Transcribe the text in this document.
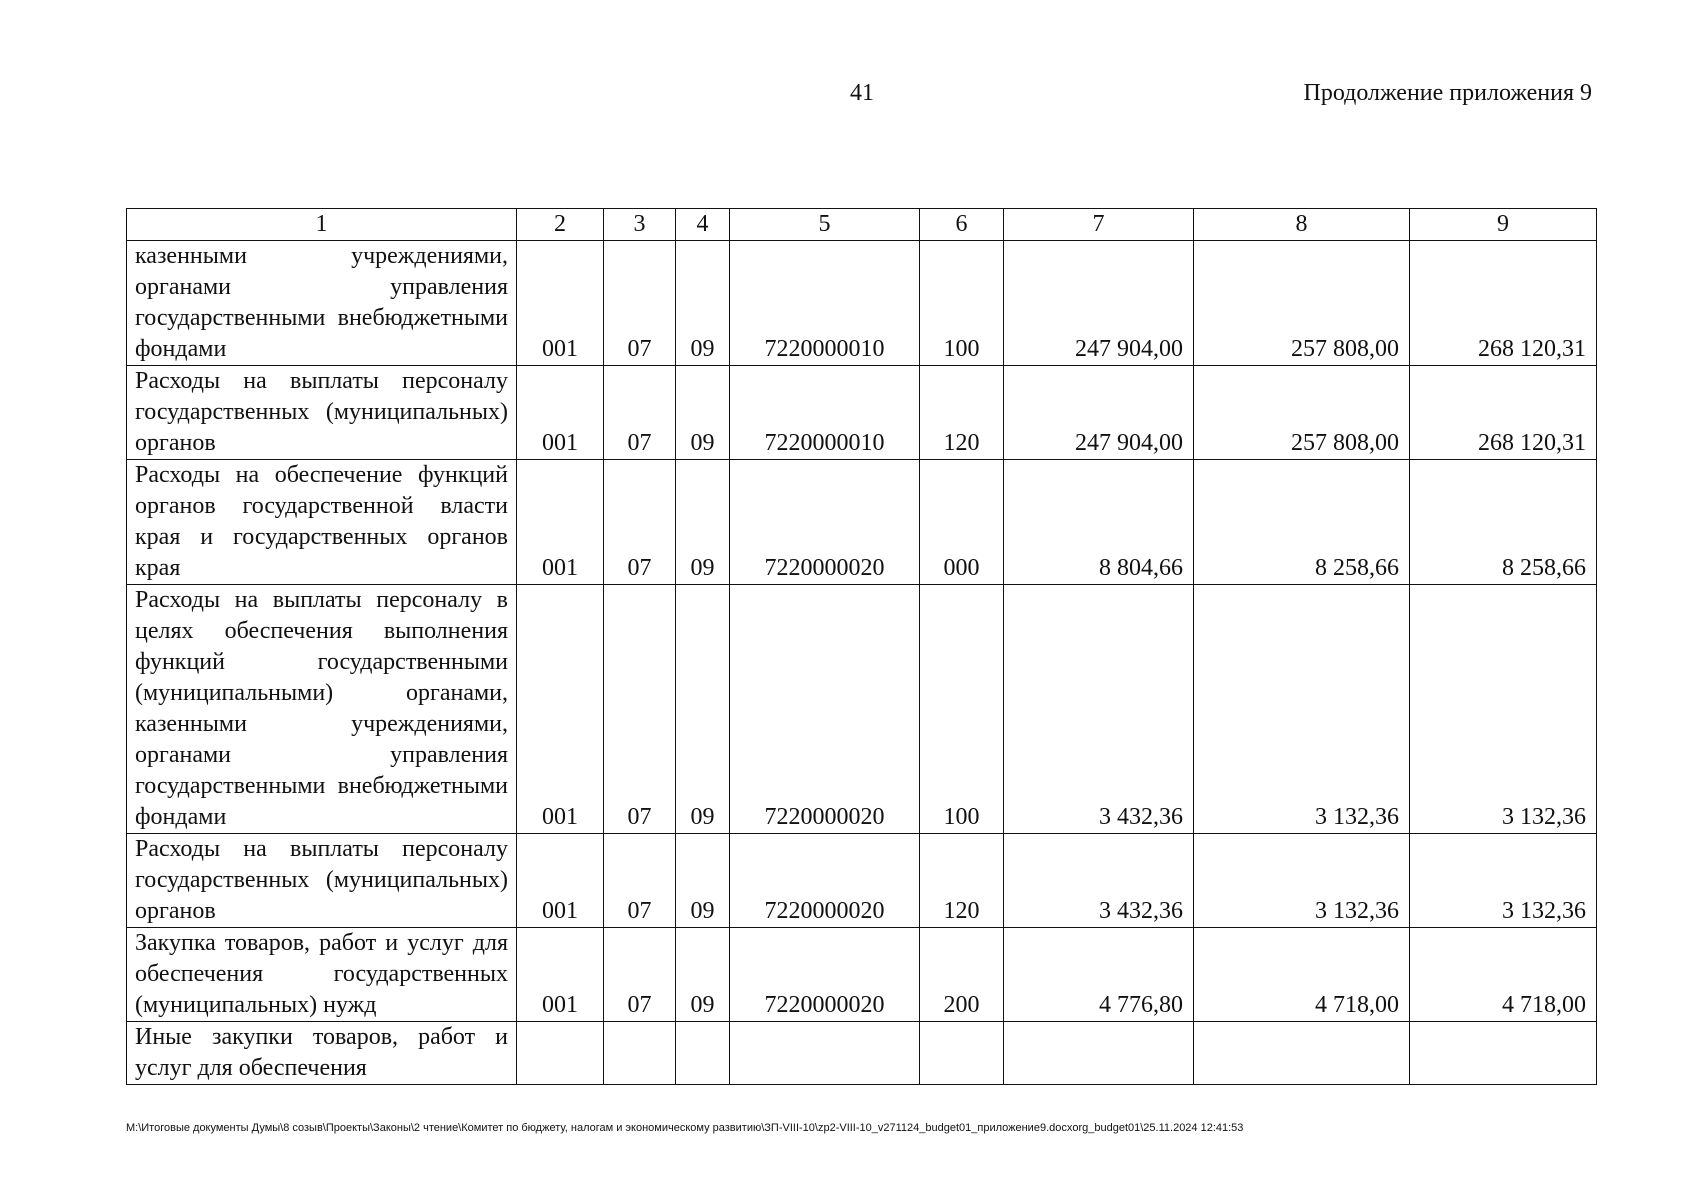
41	Продолжение приложения 9
1	2	3	4	5	6	7	8	9
казенными учреждениями, органами управления государственными внебюджетными фондами	001	07	09	7220000010	100	247 904,00	257 808,00	268 120,31
Расходы на выплаты персоналу государственных (муниципальных) органов	001	07	09	7220000010	120	247 904,00	257 808,00	268 120,31
Расходы на обеспечение функций органов государственной власти края и государственных органов края	001	07	09	7220000020	000	8 804,66	8 258,66	8 258,66
Расходы на выплаты персоналу в целях обеспечения выполнения функций государственными (муниципальными) органами, казенными учреждениями, органами управления государственными внебюджетными фондами	001	07	09	7220000020	100	3 432,36	3 132,36	3 132,36
Расходы на выплаты персоналу государственных (муниципальных) органов	001	07	09	7220000020	120	3 432,36	3 132,36	3 132,36
Закупка товаров, работ и услуг для обеспечения государственных (муниципальных) нужд	001	07	09	7220000020	200	4 776,80	4 718,00	4 718,00
Иные закупки товаров, работ и услуг для обеспечения								
M:\Итоговые документы Думы\8 созыв\Проекты\Законы\2 чтение\Комитет по бюджету, налогам и экономическому развитию\ЗП-VIII-10\zp2-VIII-10_v271124_budget01_приложение9.docxorg_budget01\25.11.2024 12:41:53
